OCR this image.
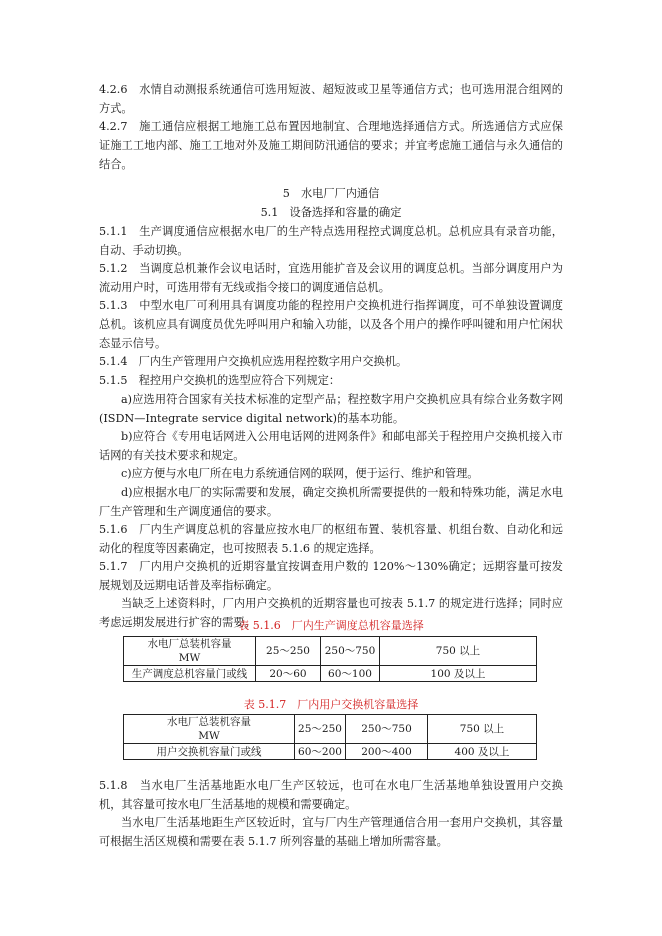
4.2.6　水情自动测报系统通信可选用短波、超短波或卫星等通信方式；也可选用混合组网的方式。

4.2.7　施工通信应根据工地施工总布置因地制宜、合理地选择通信方式。所选通信方式应保证施工工地内部、施工工地对外及施工期间防汛通信的要求；并宜考虑施工通信与永久通信的结合。

5　水电厂厂内通信

5.1　设备选择和容量的确定

5.1.1　生产调度通信应根据水电厂的生产特点选用程控式调度总机。总机应具有录音功能，自动、手动切换。

5.1.2　当调度总机兼作会议电话时，宜选用能扩音及会议用的调度总机。当部分调度用户为流动用户时，可选用带有无线或指令接口的调度通信总机。

5.1.3　中型水电厂可利用具有调度功能的程控用户交换机进行指挥调度，可不单独设置调度总机。该机应具有调度员优先呼叫用户和输入功能，以及各个用户的操作呼叫键和用户忙闲状态显示信号。

5.1.4　厂内生产管理用户交换机应选用程控数字用户交换机。

5.1.5　程控用户交换机的选型应符合下列规定：

a)应选用符合国家有关技术标准的定型产品；程控数字用户交换机应具有综合业务数字网(ISDN—Integrate service digital network)的基本功能。

b)应符合《专用电话网进入公用电话网的进网条件》和邮电部关于程控用户交换机接入市话网的有关技术要求和规定。

c)应方便与水电厂所在电力系统通信网的联网，便于运行、维护和管理。

d)应根据水电厂的实际需要和发展，确定交换机所需要提供的一般和特殊功能，满足水电厂生产管理和生产调度通信的要求。

5.1.6　厂内生产调度总机的容量应按水电厂的枢纽布置、装机容量、机组台数、自动化和远动化的程度等因素确定，也可按照表 5.1.6 的规定选择。

5.1.7　厂内用户交换机的近期容量宜按调查用户数的 120%～130%确定；远期容量可按发展规划及远期电话普及率指标确定。

当缺乏上述资料时，厂内用户交换机的近期容量也可按表 5.1.7 的规定进行选择；同时应考虑远期发展进行扩容的需要。

表 5.1.6　厂内生产调度总机容量选择

水电厂总装机容量
MW	25～250	250～750	750 以上
生产调度总机容量门或线	20～60	60～100	100 及以上

表 5.1.7　厂内用户交换机容量选择

水电厂总装机容量
MW	25～250	250～750	750 以上
用户交换机容量门或线	60～200	200～400	400 及以上

5.1.8　当水电厂生活基地距水电厂生产区较远，也可在水电厂生活基地单独设置用户交换机，其容量可按水电厂生活基地的规模和需要确定。

当水电厂生活基地距生产区较近时，宜与厂内生产管理通信合用一套用户交换机，其容量可根据生活区规模和需要在表 5.1.7 所列容量的基础上增加所需容量。
